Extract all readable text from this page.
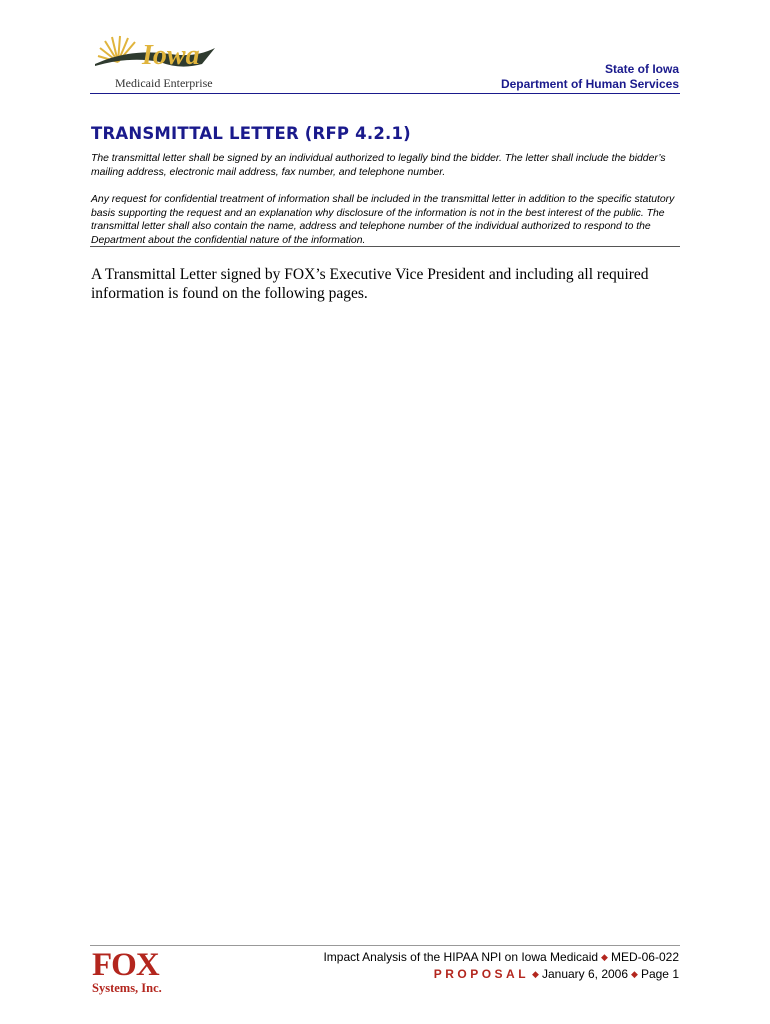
Iowa
Medicaid Enterprise
State of Iowa
Department of Human Services
TRANSMITTAL LETTER (RFP 4.2.1)
The transmittal letter shall be signed by an individual authorized to legally bind the bidder. The letter shall include the bidder’s mailing address, electronic mail address, fax number, and telephone number.
Any request for confidential treatment of information shall be included in the transmittal letter in addition to the specific statutory basis supporting the request and an explanation why disclosure of the information is not in the best interest of the public. The transmittal letter shall also contain the name, address and telephone number of the individual authorized to respond to the Department about the confidential nature of the information.
A Transmittal Letter signed by FOX’s Executive Vice President and including all required information is found on the following pages.
FOX
Systems, Inc.
Impact Analysis of the HIPAA NPI on Iowa Medicaid ◆ MED-06-022
PROPOSAL ◆ January 6, 2006 ◆ Page 1
